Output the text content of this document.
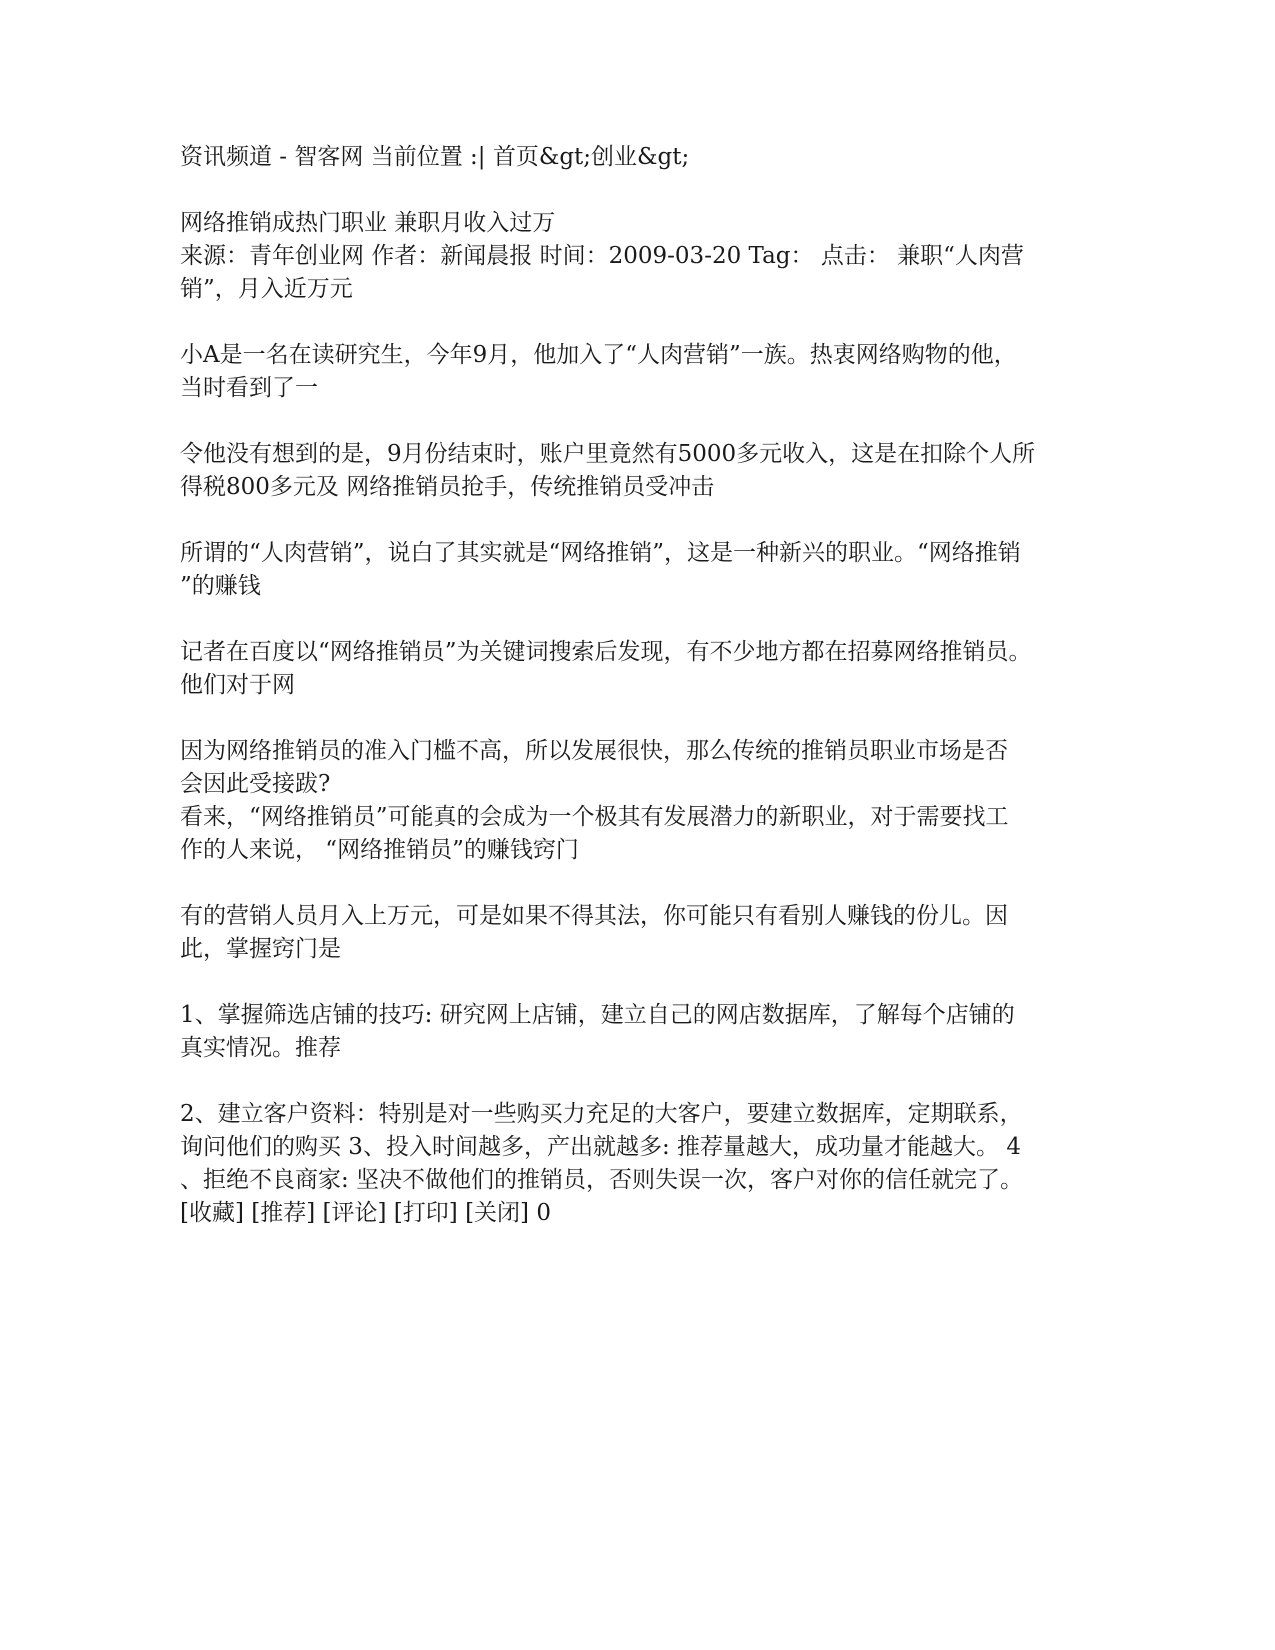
资讯频道 - 智客网 当前位置 :| 首页&gt;创业&gt;
网络推销成热门职业 兼职月收入过万
来源：青年创业网 作者：新闻晨报 时间：2009-03-20 Tag： 点击： 兼职“人肉营
销”，月入近万元
小A是一名在读研究生，今年9月，他加入了“人肉营销”一族。热衷网络购物的他，
当时看到了一
令他没有想到的是，9月份结束时，账户里竟然有5000多元收入，这是在扣除个人所
得税800多元及 网络推销员抢手，传统推销员受冲击
所谓的“人肉营销”，说白了其实就是“网络推销”，这是一种新兴的职业。“网络推销
”的赚钱
记者在百度以“网络推销员”为关键词搜索后发现，有不少地方都在招募网络推销员。
他们对于网
因为网络推销员的准入门槛不高，所以发展很快，那么传统的推销员职业市场是否
会因此受接跋?
看来，“网络推销员”可能真的会成为一个极其有发展潜力的新职业，对于需要找工
作的人来说， “网络推销员”的赚钱窍门
有的营销人员月入上万元，可是如果不得其法，你可能只有看别人赚钱的份儿。因
此，掌握窍门是
1、掌握筛选店铺的技巧: 研究网上店铺，建立自己的网店数据库，了解每个店铺的
真实情况。推荐
2、建立客户资料：特别是对一些购买力充足的大客户，要建立数据库，定期联系，
询问他们的购买 3、投入时间越多，产出就越多: 推荐量越大，成功量才能越大。 4
、拒绝不良商家: 坚决不做他们的推销员，否则失误一次，客户对你的信任就完了。
[收藏] [推荐] [评论] [打印] [关闭] 0
